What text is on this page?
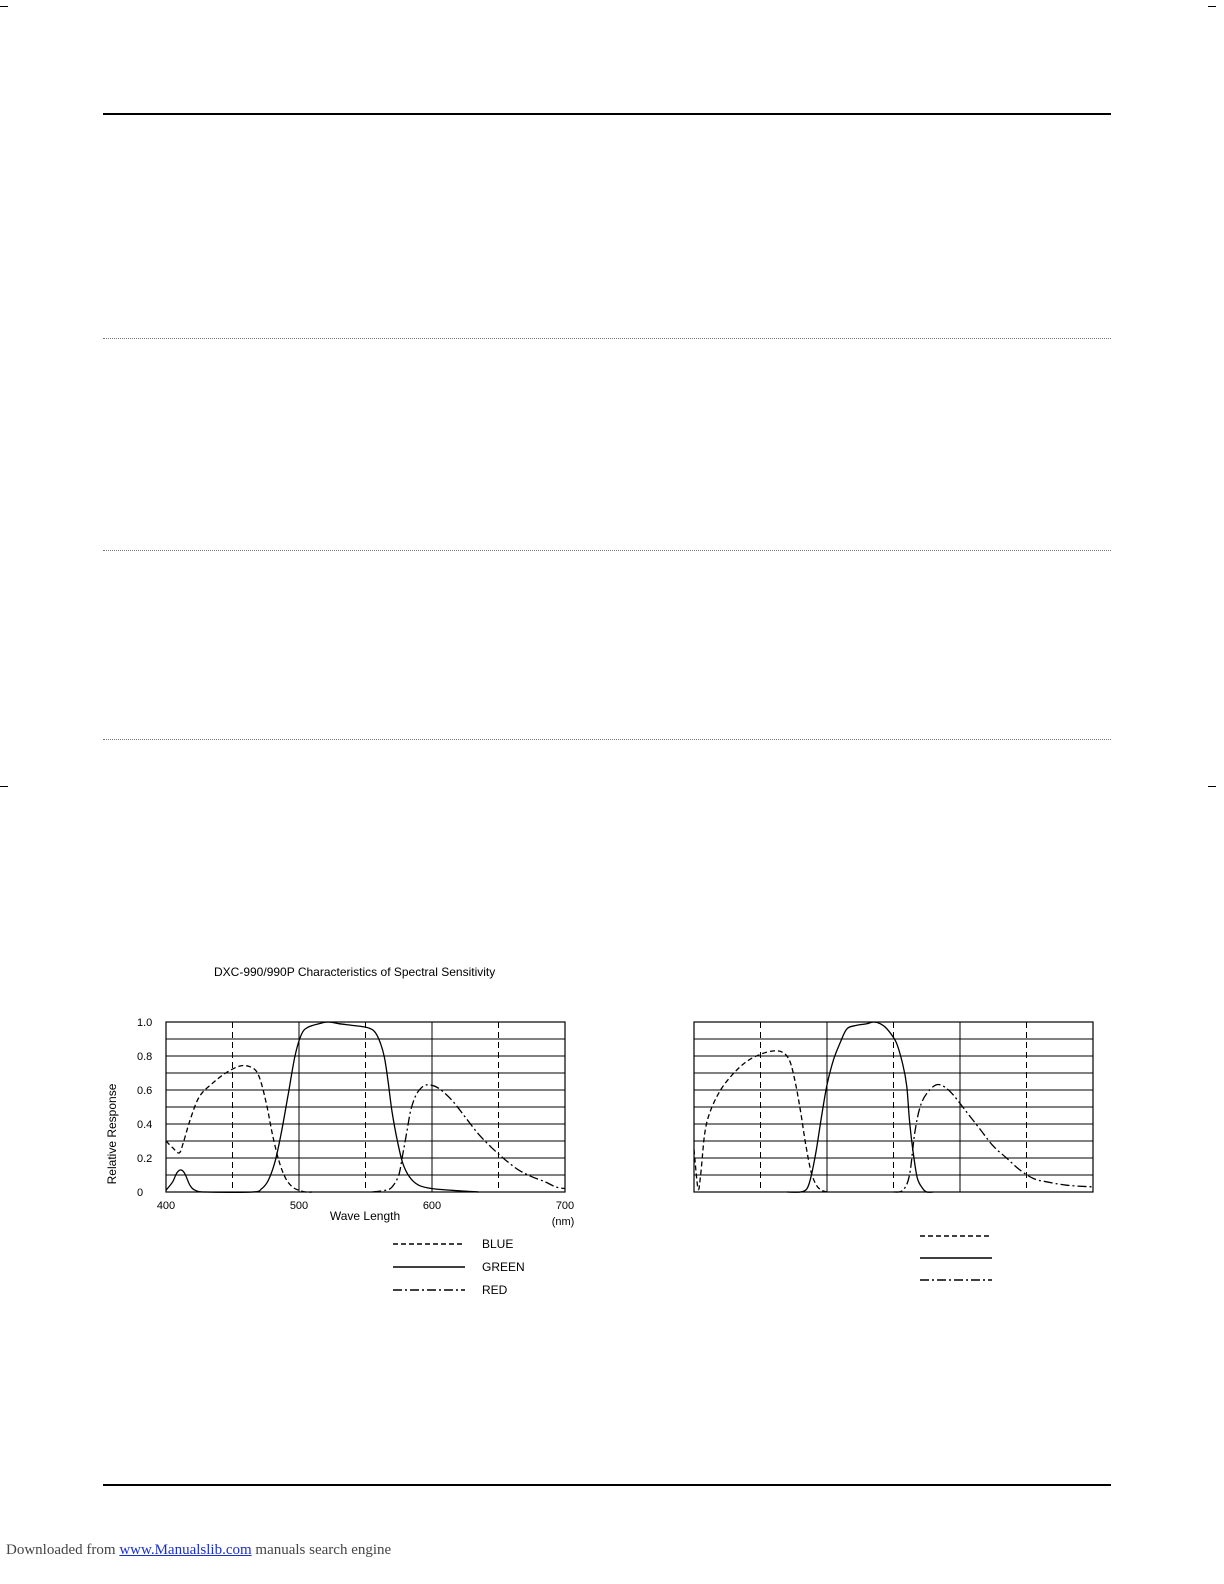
DXC-990/990P Characteristics of Spectral Sensitivity
0
0.2
0.4
0.6
0.8
1.0
400	500	600	700
Wave Length	(nm)
Relative Response
BLUE
GREEN
RED
Downloaded from www.Manualslib.com manuals search engine
